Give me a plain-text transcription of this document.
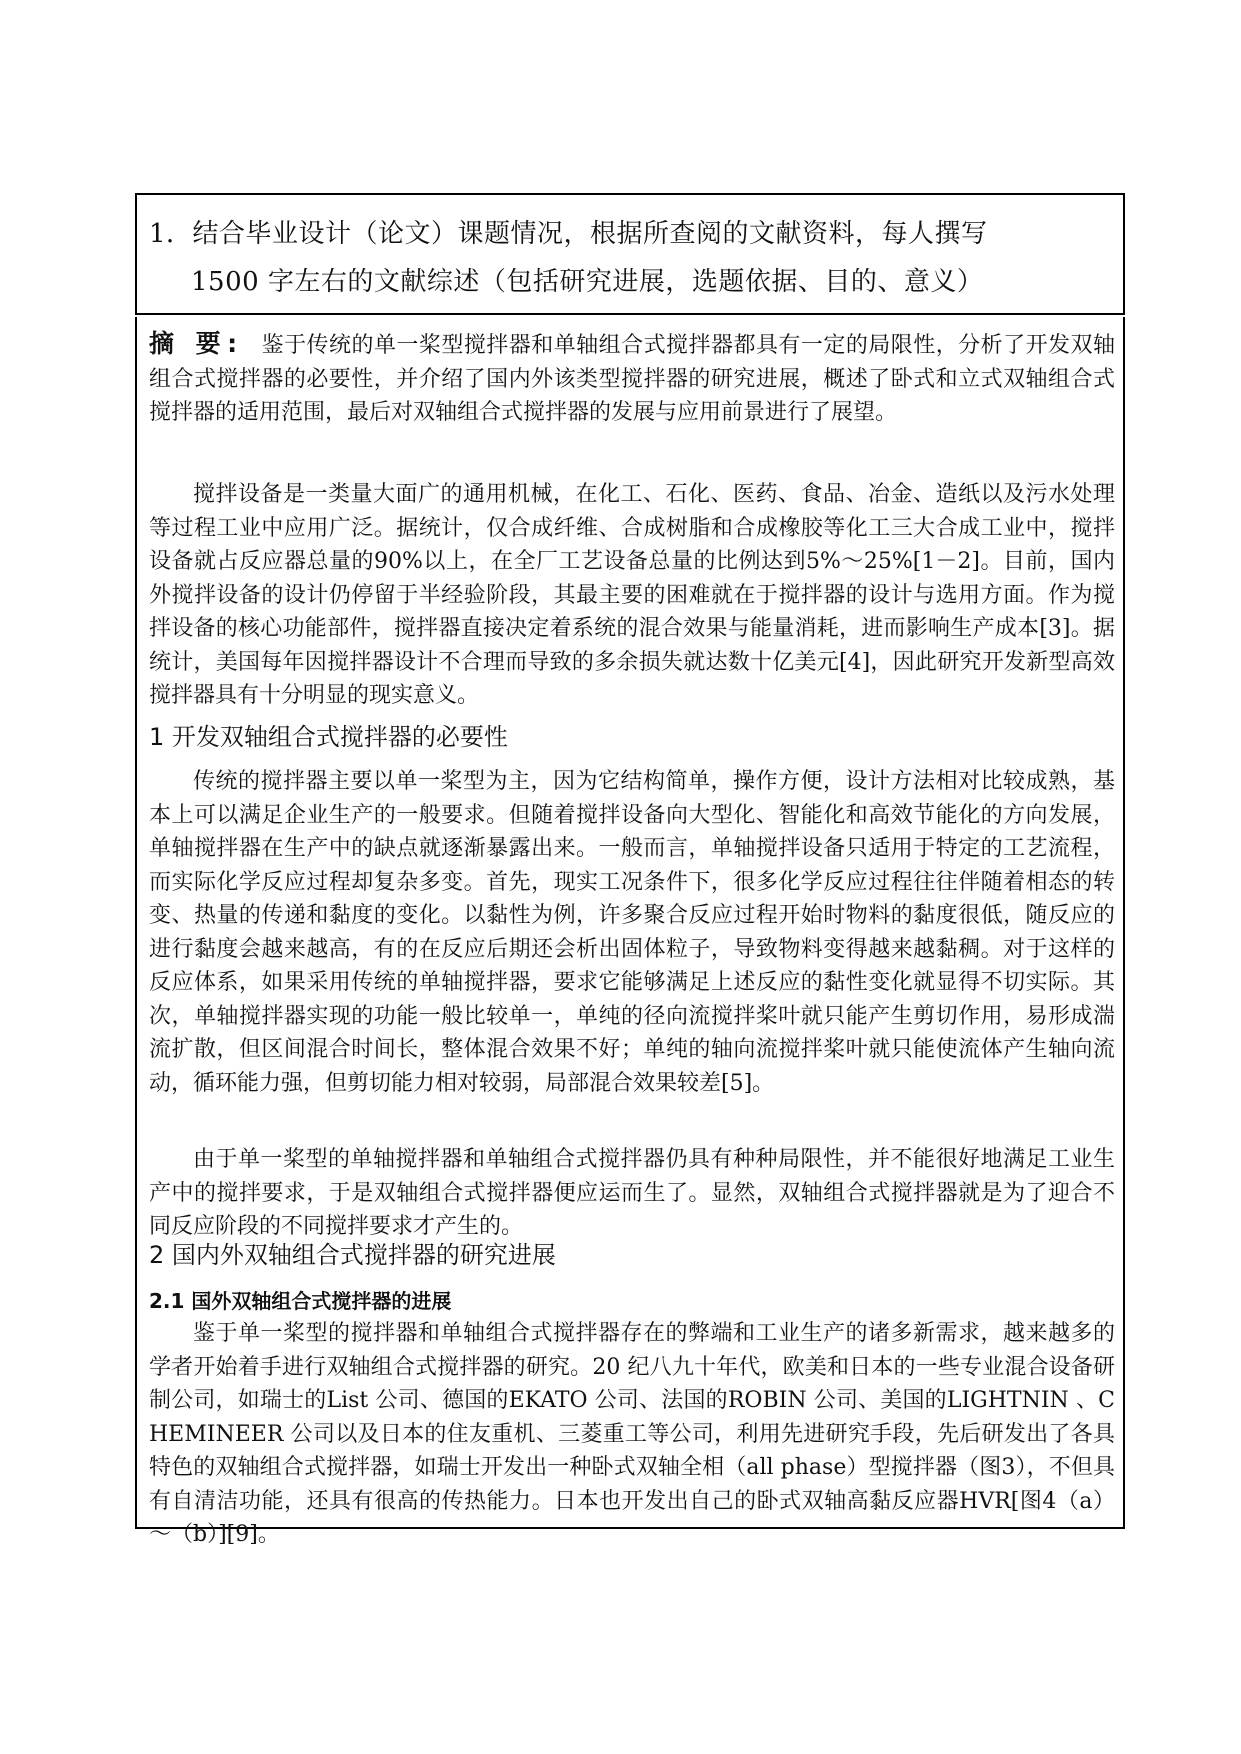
1．结合毕业设计（论文）课题情况，根据所查阅的文献资料，每人撰写
1500 字左右的文献综述（包括研究进展，选题依据、目的、意义）
摘 要: 鉴于传统的单一桨型搅拌器和单轴组合式搅拌器都具有一定的局限性，分析了开发双轴组合式搅拌器的必要性，并介绍了国内外该类型搅拌器的研究进展，概述了卧式和立式双轴组合式搅拌器的适用范围，最后对双轴组合式搅拌器的发展与应用前景进行了展望。
搅拌设备是一类量大面广的通用机械，在化工、石化、医药、食品、冶金、造纸以及污水处理等过程工业中应用广泛。据统计，仅合成纤维、合成树脂和合成橡胶等化工三大合成工业中，搅拌设备就占反应器总量的90%以上，在全厂工艺设备总量的比例达到5%～25%[1－2]。目前，国内外搅拌设备的设计仍停留于半经验阶段，其最主要的困难就在于搅拌器的设计与选用方面。作为搅拌设备的核心功能部件，搅拌器直接决定着系统的混合效果与能量消耗，进而影响生产成本[3]。据统计，美国每年因搅拌器设计不合理而导致的多余损失就达数十亿美元[4]，因此研究开发新型高效搅拌器具有十分明显的现实意义。
1 开发双轴组合式搅拌器的必要性
传统的搅拌器主要以单一桨型为主，因为它结构简单，操作方便，设计方法相对比较成熟，基本上可以满足企业生产的一般要求。但随着搅拌设备向大型化、智能化和高效节能化的方向发展，单轴搅拌器在生产中的缺点就逐渐暴露出来。一般而言，单轴搅拌设备只适用于特定的工艺流程，而实际化学反应过程却复杂多变。首先，现实工况条件下，很多化学反应过程往往伴随着相态的转变、热量的传递和黏度的变化。以黏性为例，许多聚合反应过程开始时物料的黏度很低，随反应的进行黏度会越来越高，有的在反应后期还会析出固体粒子，导致物料变得越来越黏稠。对于这样的反应体系，如果采用传统的单轴搅拌器，要求它能够满足上述反应的黏性变化就显得不切实际。其次，单轴搅拌器实现的功能一般比较单一，单纯的径向流搅拌桨叶就只能产生剪切作用，易形成湍流扩散，但区间混合时间长，整体混合效果不好；单纯的轴向流搅拌桨叶就只能使流体产生轴向流动，循环能力强，但剪切能力相对较弱，局部混合效果较差[5]。
由于单一桨型的单轴搅拌器和单轴组合式搅拌器仍具有种种局限性，并不能很好地满足工业生产中的搅拌要求，于是双轴组合式搅拌器便应运而生了。显然，双轴组合式搅拌器就是为了迎合不同反应阶段的不同搅拌要求才产生的。
2 国内外双轴组合式搅拌器的研究进展
2.1 国外双轴组合式搅拌器的进展
鉴于单一桨型的搅拌器和单轴组合式搅拌器存在的弊端和工业生产的诸多新需求，越来越多的学者开始着手进行双轴组合式搅拌器的研究。20 纪八九十年代，欧美和日本的一些专业混合设备研制公司，如瑞士的List 公司、德国的EKATO 公司、法国的ROBIN 公司、美国的LIGHTNIN 、CHEMINEER 公司以及日本的住友重机、三菱重工等公司，利用先进研究手段，先后研发出了各具特色的双轴组合式搅拌器，如瑞士开发出一种卧式双轴全相（all phase）型搅拌器（图3），不但具有自清洁功能，还具有很高的传热能力。日本也开发出自己的卧式双轴高黏反应器HVR[图4（a）～（b）][9]。
